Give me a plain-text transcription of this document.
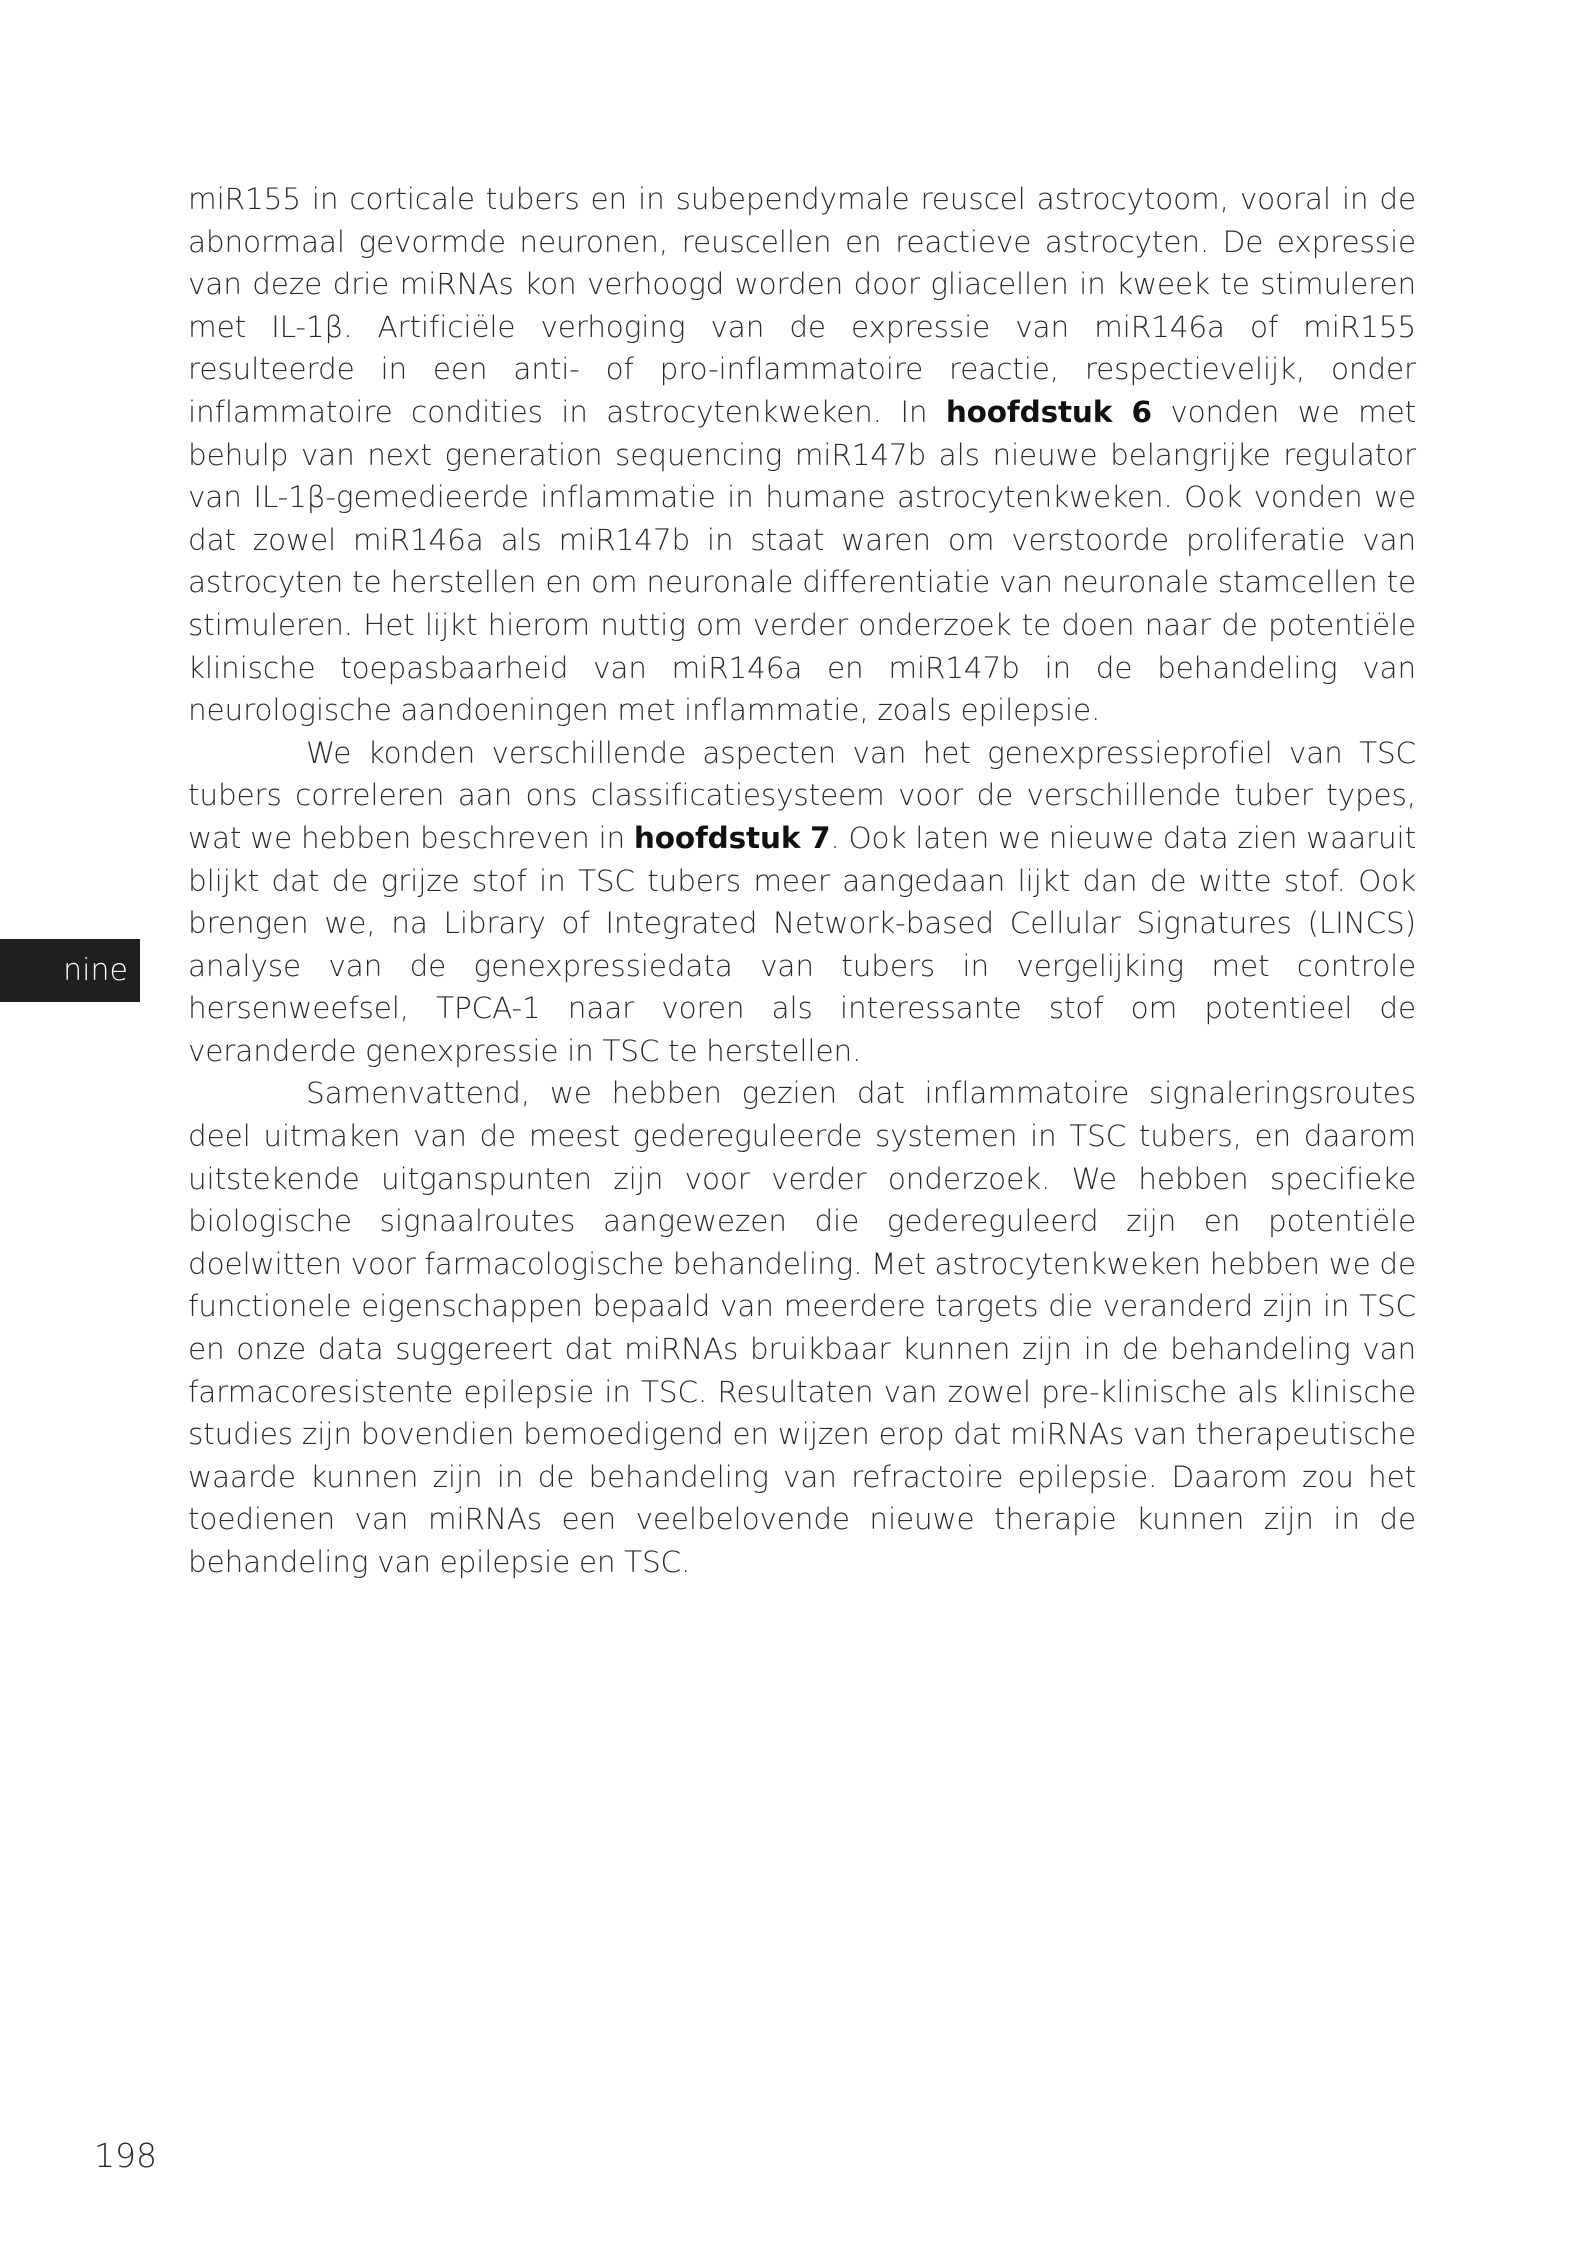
nine

miR155 in corticale tubers en in subependymale reuscel astrocytoom, vooral in de abnormaal gevormde neuronen, reuscellen en reactieve astrocyten. De expressie van deze drie miRNAs kon verhoogd worden door gliacellen in kweek te stimuleren met IL-1β. Artificiële verhoging van de expressie van miR146a of miR155 resulteerde in een anti- of pro-inflammatoire reactie, respectievelijk, onder inflammatoire condities in astrocytenkweken. In hoofdstuk 6 vonden we met behulp van next generation sequencing miR147b als nieuwe belangrijke regulator van IL-1β-gemedieerde inflammatie in humane astrocytenkweken. Ook vonden we dat zowel miR146a als miR147b in staat waren om verstoorde proliferatie van astrocyten te herstellen en om neuronale differentiatie van neuronale stamcellen te stimuleren. Het lijkt hierom nuttig om verder onderzoek te doen naar de potentiële klinische toepasbaarheid van miR146a en miR147b in de behandeling van neurologische aandoeningen met inflammatie, zoals epilepsie.

We konden verschillende aspecten van het genexpressieprofiel van TSC tubers correleren aan ons classificatiesysteem voor de verschillende tuber types, wat we hebben beschreven in hoofdstuk 7. Ook laten we nieuwe data zien waaruit blijkt dat de grijze stof in TSC tubers meer aangedaan lijkt dan de witte stof. Ook brengen we, na Library of Integrated Network-based Cellular Signatures (LINCS) analyse van de genexpressiedata van tubers in vergelijking met controle hersenweefsel, TPCA-1 naar voren als interessante stof om potentieel de veranderde genexpressie in TSC te herstellen.

Samenvattend, we hebben gezien dat inflammatoire signaleringsroutes deel uitmaken van de meest gedereguleerde systemen in TSC tubers, en daarom uitstekende uitganspunten zijn voor verder onderzoek. We hebben specifieke biologische signaalroutes aangewezen die gedereguleerd zijn en potentiële doelwitten voor farmacologische behandeling. Met astrocytenkweken hebben we de functionele eigenschappen bepaald van meerdere targets die veranderd zijn in TSC en onze data suggereert dat miRNAs bruikbaar kunnen zijn in de behandeling van farmacoresistente epilepsie in TSC. Resultaten van zowel pre-klinische als klinische studies zijn bovendien bemoedigend en wijzen erop dat miRNAs van therapeutische waarde kunnen zijn in de behandeling van refractoire epilepsie. Daarom zou het toedienen van miRNAs een veelbelovende nieuwe therapie kunnen zijn in de behandeling van epilepsie en TSC.

198
